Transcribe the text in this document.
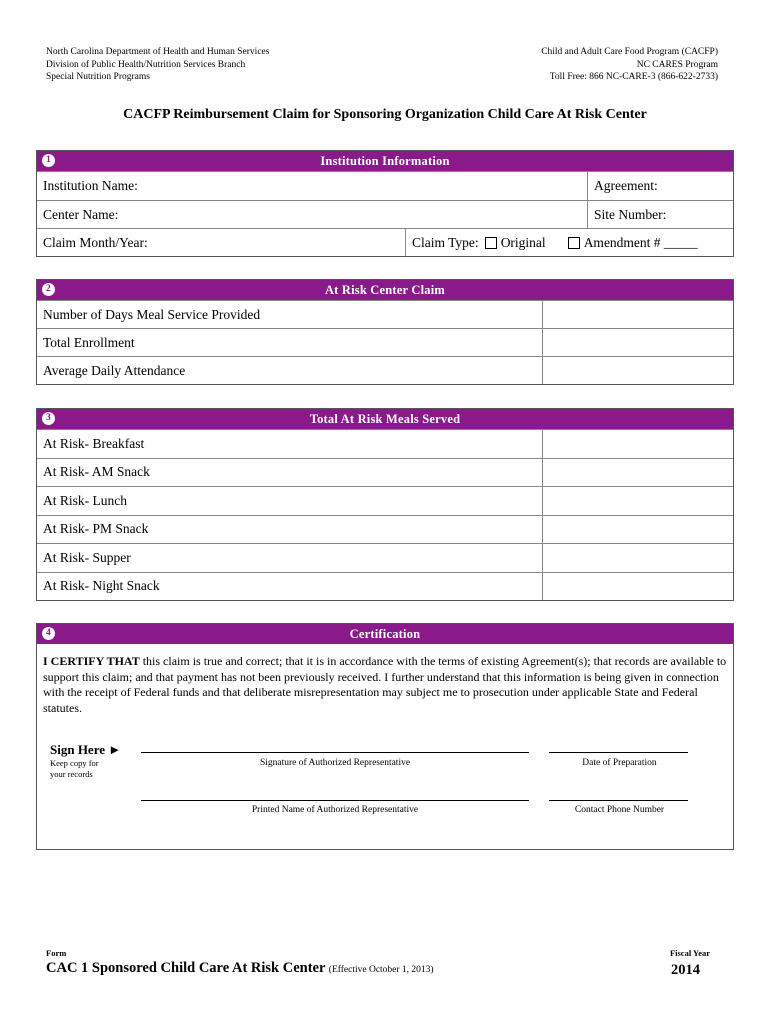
North Carolina Department of Health and Human Services
Division of Public Health/Nutrition Services Branch
Special Nutrition Programs
Child and Adult Care Food Program (CACFP)
NC CARES Program
Toll Free: 866 NC-CARE-3 (866-622-2733)
CACFP Reimbursement Claim for Sponsoring Organization Child Care At Risk Center
1	Institution Information
Institution Name:	Agreement:
Center Name:	Site Number:
Claim Month/Year:	Claim Type: Original	Amendment # _____
2	At Risk Center Claim
Number of Days Meal Service Provided
Total Enrollment
Average Daily Attendance
3	Total At Risk Meals Served
At Risk- Breakfast
At Risk- AM Snack
At Risk- Lunch
At Risk- PM Snack
At Risk- Supper
At Risk- Night Snack
4	Certification
I CERTIFY THAT this claim is true and correct; that it is in accordance with the terms of existing Agreement(s); that records are available to support this claim; and that payment has not been previously received. I further understand that this information is being given in connection with the receipt of Federal funds and that deliberate misrepresentation may subject me to prosecution under applicable State and Federal statutes.
Sign Here ►
Keep copy for
your records
Signature of Authorized Representative	Date of Preparation
Printed Name of Authorized Representative	Contact Phone Number
Form
CAC 1 Sponsored Child Care At Risk Center (Effective October 1, 2013)
Fiscal Year
2014
